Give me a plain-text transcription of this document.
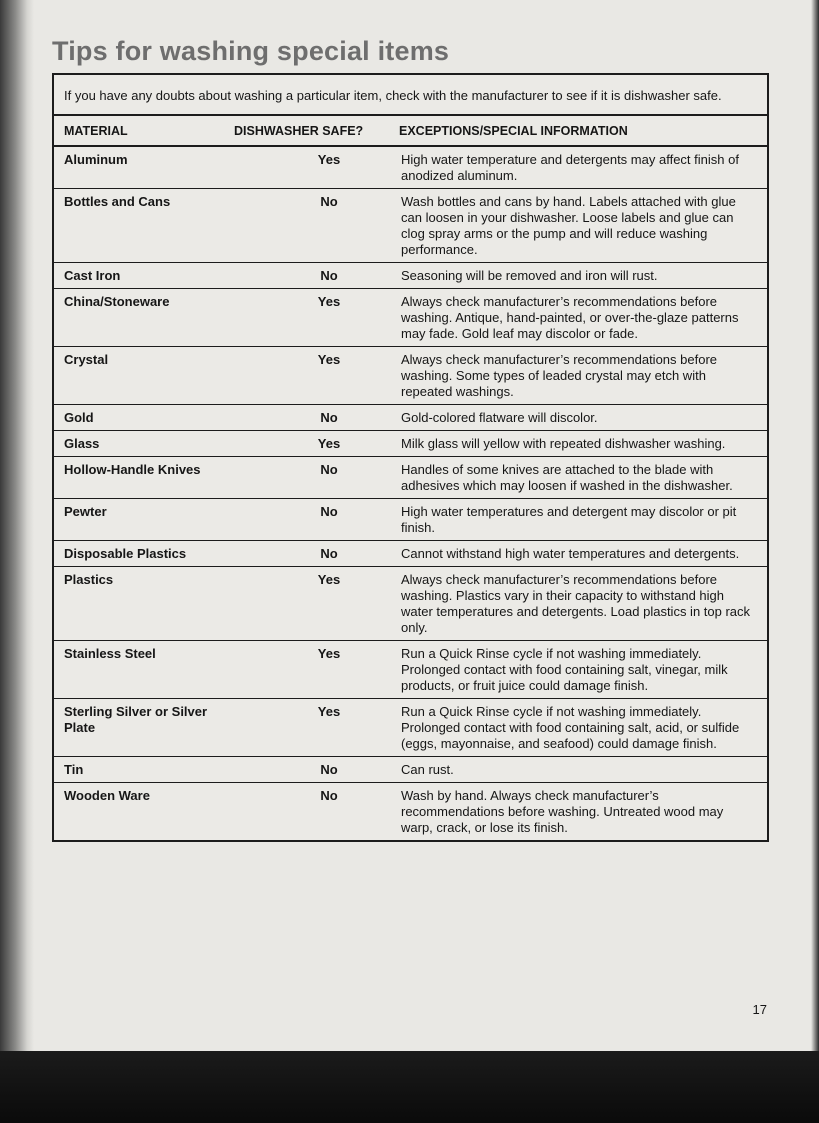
Tips for washing special items
If you have any doubts about washing a particular item, check with the manufacturer to see if it is dishwasher safe.
MATERIAL	DISHWASHER SAFE?	EXCEPTIONS/SPECIAL INFORMATION
Aluminum	Yes	High water temperature and detergents may affect finish of anodized aluminum.
Bottles and Cans	No	Wash bottles and cans by hand. Labels attached with glue can loosen in your dishwasher. Loose labels and glue can clog spray arms or the pump and will reduce washing performance.
Cast Iron	No	Seasoning will be removed and iron will rust.
China/Stoneware	Yes	Always check manufacturer’s recommendations before washing. Antique, hand-painted, or over-the-glaze patterns may fade. Gold leaf may discolor or fade.
Crystal	Yes	Always check manufacturer’s recommendations before washing. Some types of leaded crystal may etch with repeated washings.
Gold	No	Gold-colored flatware will discolor.
Glass	Yes	Milk glass will yellow with repeated dishwasher washing.
Hollow-Handle Knives	No	Handles of some knives are attached to the blade with adhesives which may loosen if washed in the dishwasher.
Pewter	No	High water temperatures and detergent may discolor or pit finish.
Disposable Plastics	No	Cannot withstand high water temperatures and detergents.
Plastics	Yes	Always check manufacturer’s recommendations before washing. Plastics vary in their capacity to withstand high water temperatures and detergents. Load plastics in top rack only.
Stainless Steel	Yes	Run a Quick Rinse cycle if not washing immediately. Prolonged contact with food containing salt, vinegar, milk products, or fruit juice could damage finish.
Sterling Silver or Silver Plate	Yes	Run a Quick Rinse cycle if not washing immediately. Prolonged contact with food containing salt, acid, or sulfide (eggs, mayonnaise, and seafood) could damage finish.
Tin	No	Can rust.
Wooden Ware	No	Wash by hand. Always check manufacturer’s recommendations before washing. Untreated wood may warp, crack, or lose its finish.
17
